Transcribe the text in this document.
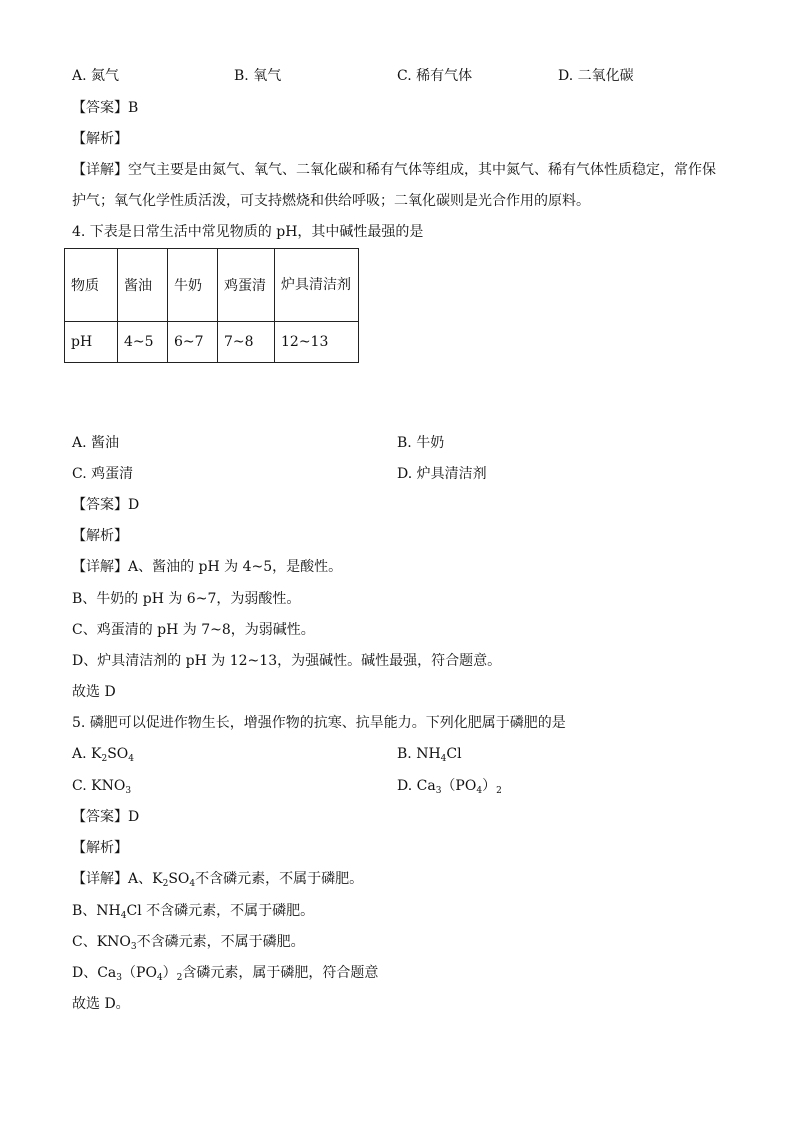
A. 氮气	B. 氧气	C. 稀有气体	D. 二氧化碳
【答案】B
【解析】
【详解】空气主要是由氮气、氧气、二氧化碳和稀有气体等组成，其中氮气、稀有气体性质稳定，常作保
护气；氧气化学性质活泼，可支持燃烧和供给呼吸；二氧化碳则是光合作用的原料。
4. 下表是日常生活中常见物质的 pH，其中碱性最强的是
物质	酱油	牛奶	鸡蛋清	炉具清洁剂
pH	4~5	6~7	7~8	12~13
A. 酱油	B. 牛奶
C. 鸡蛋清	D. 炉具清洁剂
【答案】D
【解析】
【详解】A、酱油的 pH 为 4~5，是酸性。
B、牛奶的 pH 为 6~7，为弱酸性。
C、鸡蛋清的 pH 为 7~8，为弱碱性。
D、炉具清洁剂的 pH 为 12~13，为强碱性。碱性最强，符合题意。
故选 D
5. 磷肥可以促进作物生长，增强作物的抗寒、抗旱能力。下列化肥属于磷肥的是
A. $K_2SO_4$	B. $NH_4Cl$
C. $KNO_3$	D. $Ca_3(PO_4)_2$
【答案】D
【解析】
【详解】A、$K_2SO_4$不含磷元素，不属于磷肥。
B、$NH_4Cl$ 不含磷元素，不属于磷肥。
C、$KNO_3$不含磷元素，不属于磷肥。
D、$Ca_3(PO_4)_2$含磷元素，属于磷肥，符合题意
故选 D。
